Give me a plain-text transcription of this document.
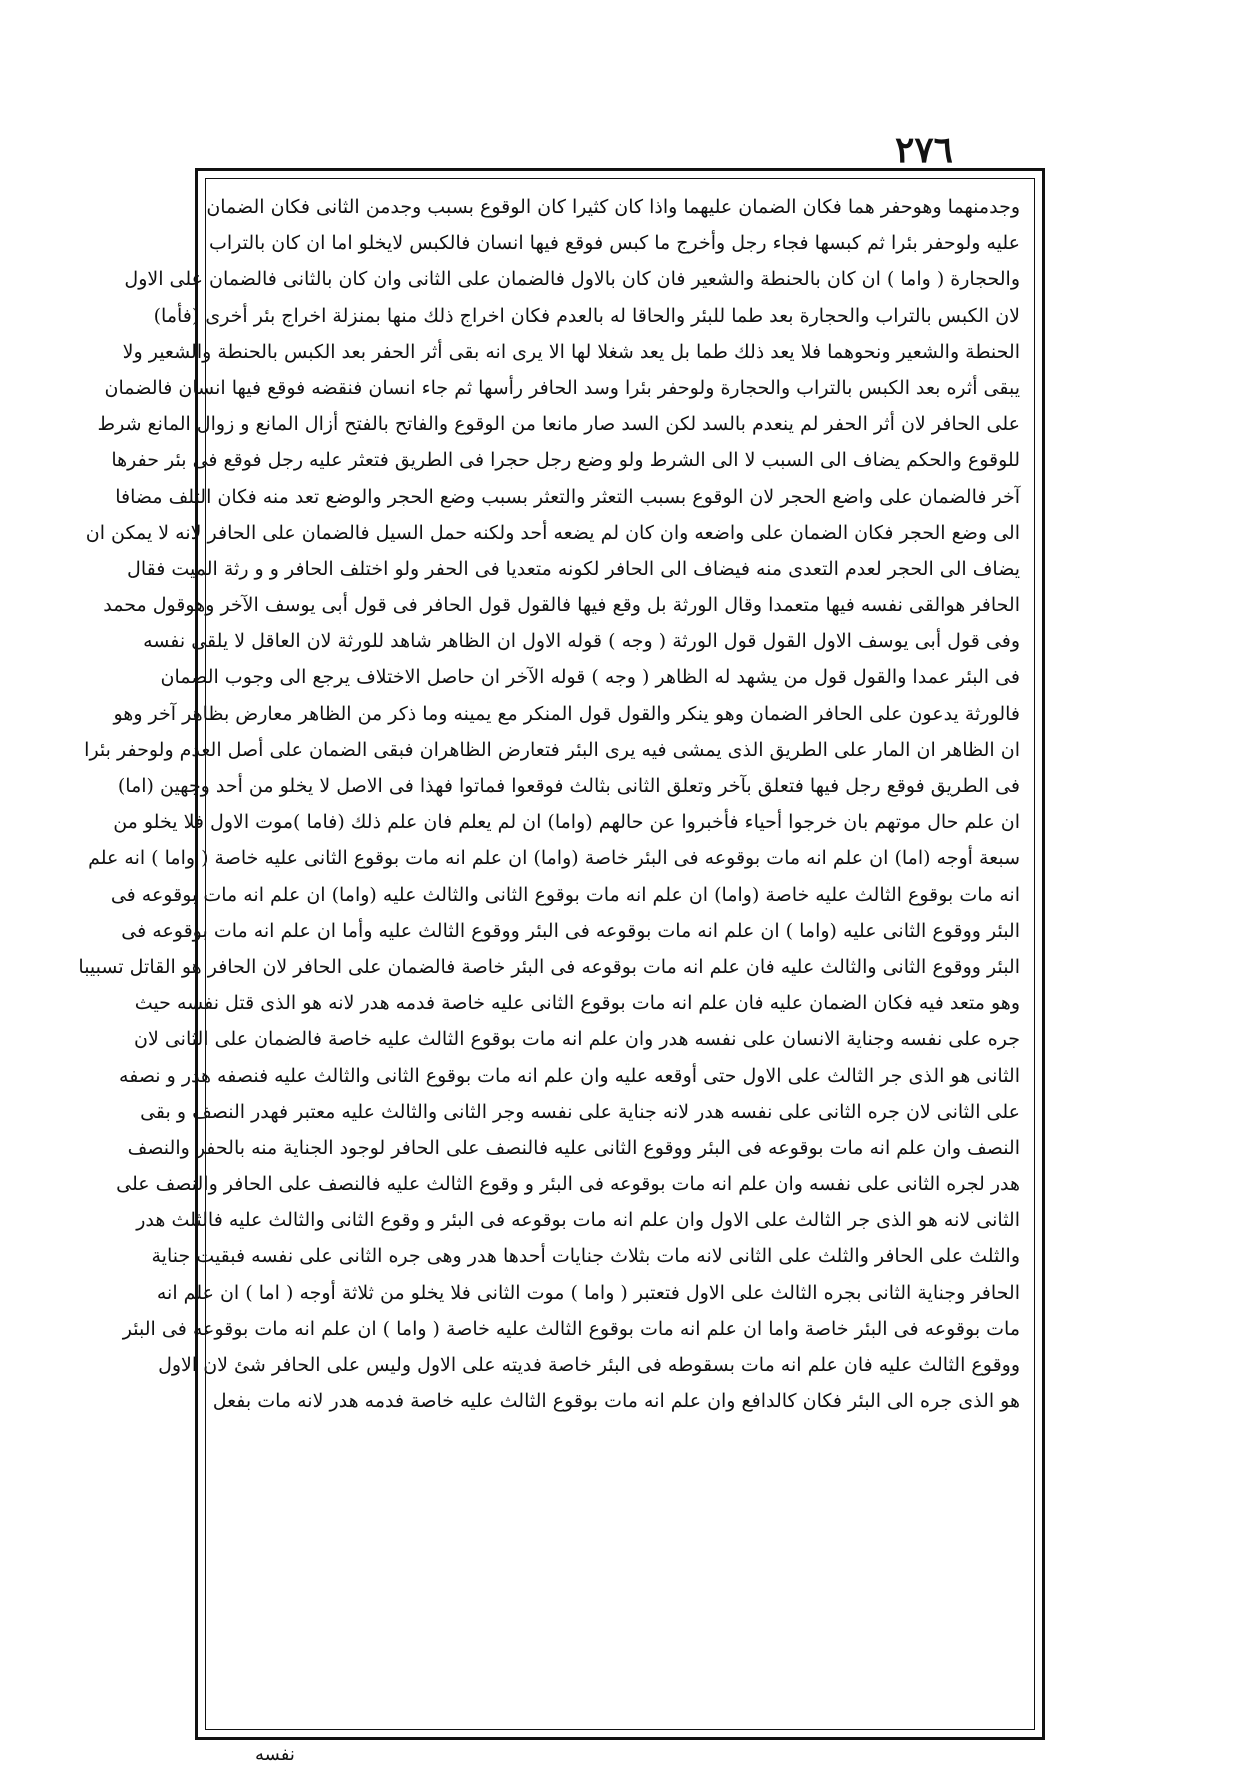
٢٧٦
وجدمنهما وهوحفر هما فكان الضمان عليهما واذا كان كثيرا كان الوقوع بسبب وجدمن الثانى فكان الضمان
عليه ولوحفر بئرا ثم كبسها فجاء رجل وأخرج ما كبس فوقع فيها انسان فالكبس لايخلو اما ان كان بالتراب
والحجارة ( واما ) ان كان بالحنطة والشعير فان كان بالاول فالضمان على الثانى وان كان بالثانى فالضمان على الاول
لان الكبس بالتراب والحجارة بعد طما للبئر والحاقا له بالعدم فكان اخراج ذلك منها بمنزلة اخراج بئر أخرى (فأما)
الحنطة والشعير ونحوهما فلا يعد ذلك طما بل يعد شغلا لها الا يرى انه بقى أثر الحفر بعد الكبس بالحنطة والشعير ولا
يبقى أثره بعد الكبس بالتراب والحجارة ولوحفر بئرا وسد الحافر رأسها ثم جاء انسان فنقضه فوقع فيها انسان فالضمان
على الحافر لان أثر الحفر لم ينعدم بالسد لكن السد صار مانعا من الوقوع والفاتح بالفتح أزال المانع و زوال المانع شرط
للوقوع والحكم يضاف الى السبب لا الى الشرط ولو وضع رجل حجرا فى الطريق فتعثر عليه رجل فوقع فى بئر حفرها
آخر فالضمان على واضع الحجر لان الوقوع بسبب التعثر والتعثر بسبب وضع الحجر والوضع تعد منه فكان التلف مضافا
الى وضع الحجر فكان الضمان على واضعه وان كان لم يضعه أحد ولكنه حمل السيل فالضمان على الحافر لانه لا يمكن ان
يضاف الى الحجر لعدم التعدى منه فيضاف الى الحافر لكونه متعديا فى الحفر ولو اختلف الحافر و و رثة الميت فقال
الحافر هوالقى نفسه فيها متعمدا وقال الورثة بل وقع فيها فالقول قول الحافر فى قول أبى يوسف الآخر وهوقول محمد
وفى قول أبى يوسف الاول القول قول الورثة ( وجه ) قوله الاول ان الظاهر شاهد للورثة لان العاقل لا يلقى نفسه
فى البئر عمدا والقول قول من يشهد له الظاهر ( وجه ) قوله الآخر ان حاصل الاختلاف يرجع الى وجوب الضمان
فالورثة يدعون على الحافر الضمان وهو ينكر والقول قول المنكر مع يمينه وما ذكر من الظاهر معارض بظاهر آخر وهو
ان الظاهر ان المار على الطريق الذى يمشى فيه يرى البئر فتعارض الظاهران فبقى الضمان على أصل العدم ولوحفر بئرا
فى الطريق فوقع رجل فيها فتعلق بآخر وتعلق الثانى بثالث فوقعوا فماتوا فهذا فى الاصل لا يخلو من أحد وجهين (اما)
ان علم حال موتهم بان خرجوا أحياء فأخبروا عن حالهم (واما) ان لم يعلم فان علم ذلك (فاما )موت الاول فلا يخلو من
سبعة أوجه (اما) ان علم انه مات بوقوعه فى البئر خاصة (واما) ان علم انه مات بوقوع الثانى عليه خاصة ( واما ) انه علم
انه مات بوقوع الثالث عليه خاصة (واما) ان علم انه مات بوقوع الثانى والثالث عليه (واما) ان علم انه مات بوقوعه فى
البئر ووقوع الثانى عليه (واما ) ان علم انه مات بوقوعه فى البئر ووقوع الثالث عليه وأما ان علم انه مات بوقوعه فى
البئر ووقوع الثانى والثالث عليه فان علم انه مات بوقوعه فى البئر خاصة فالضمان على الحافر لان الحافر هو القاتل تسبيبا
وهو متعد فيه فكان الضمان عليه فان علم انه مات بوقوع الثانى عليه خاصة فدمه هدر لانه هو الذى قتل نفسه حيث
جره على نفسه وجناية الانسان على نفسه هدر وان علم انه مات بوقوع الثالث عليه خاصة فالضمان على الثانى لان
الثانى هو الذى جر الثالث على الاول حتى أوقعه عليه وان علم انه مات بوقوع الثانى والثالث عليه فنصفه هدر و نصفه
على الثانى لان جره الثانى على نفسه هدر لانه جناية على نفسه وجر الثانى والثالث عليه معتبر فهدر النصف و بقى
النصف وان علم انه مات بوقوعه فى البئر ووقوع الثانى عليه فالنصف على الحافر لوجود الجناية منه بالحفر والنصف
هدر لجره الثانى على نفسه وان علم انه مات بوقوعه فى البئر و وقوع الثالث عليه فالنصف على الحافر والنصف على
الثانى لانه هو الذى جر الثالث على الاول وان علم انه مات بوقوعه فى البئر و وقوع الثانى والثالث عليه فالثلث هدر
والثلث على الحافر والثلث على الثانى لانه مات بثلاث جنايات أحدها هدر وهى جره الثانى على نفسه فبقيت جناية
الحافر وجناية الثانى بجره الثالث على الاول فتعتبر ( واما ) موت الثانى فلا يخلو من ثلاثة أوجه ( اما ) ان علم انه
مات بوقوعه فى البئر خاصة واما ان علم انه مات بوقوع الثالث عليه خاصة ( واما ) ان علم انه مات بوقوعه فى البئر
ووقوع الثالث عليه فان علم انه مات بسقوطه فى البئر خاصة فديته على الاول وليس على الحافر شئ لان الاول
هو الذى جره الى البئر فكان كالدافع وان علم انه مات بوقوع الثالث عليه خاصة فدمه هدر لانه مات بفعل
نفسه
